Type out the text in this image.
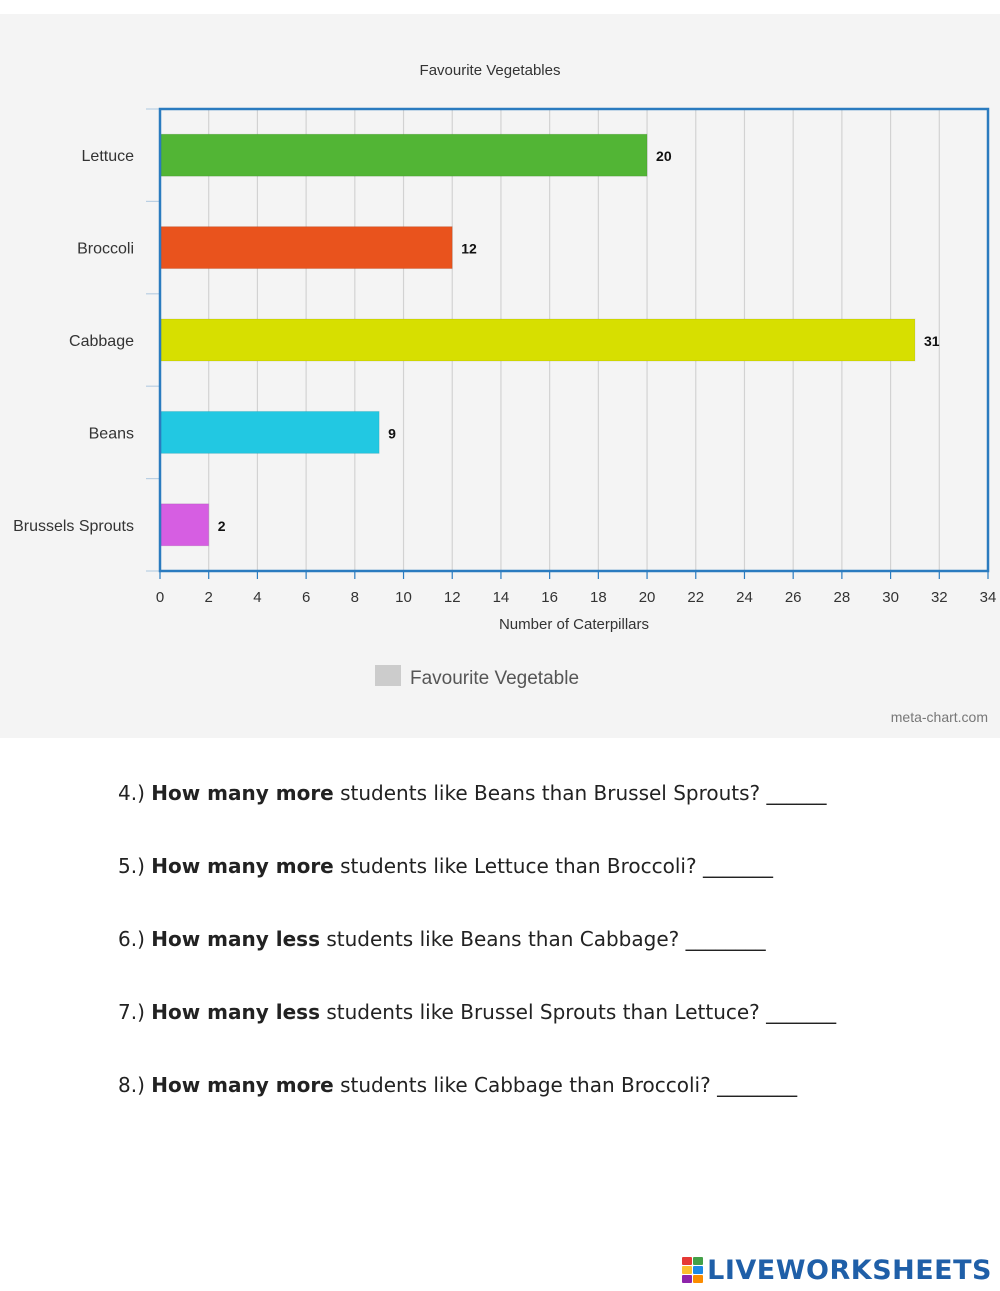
Favourite Vegetables
20
Lettuce
12
Broccoli
31
Cabbage
9
Beans
2
Brussels Sprouts
0	2	4	6	8 10 12 14 16 18 20 22 24 26 28 30 32 34
Number of Caterpillars
Favourite Vegetable
meta-chart.com

4.) How many more students like Beans than Brussel Sprouts? ______

5.) How many more students like Lettuce than Broccoli? _______

6.) How many less students like Beans than Cabbage? ________

7.) How many less students like Brussel Sprouts than Lettuce? _______

8.) How many more students like Cabbage than Broccoli? ________

LIVEWORKSHEETS
